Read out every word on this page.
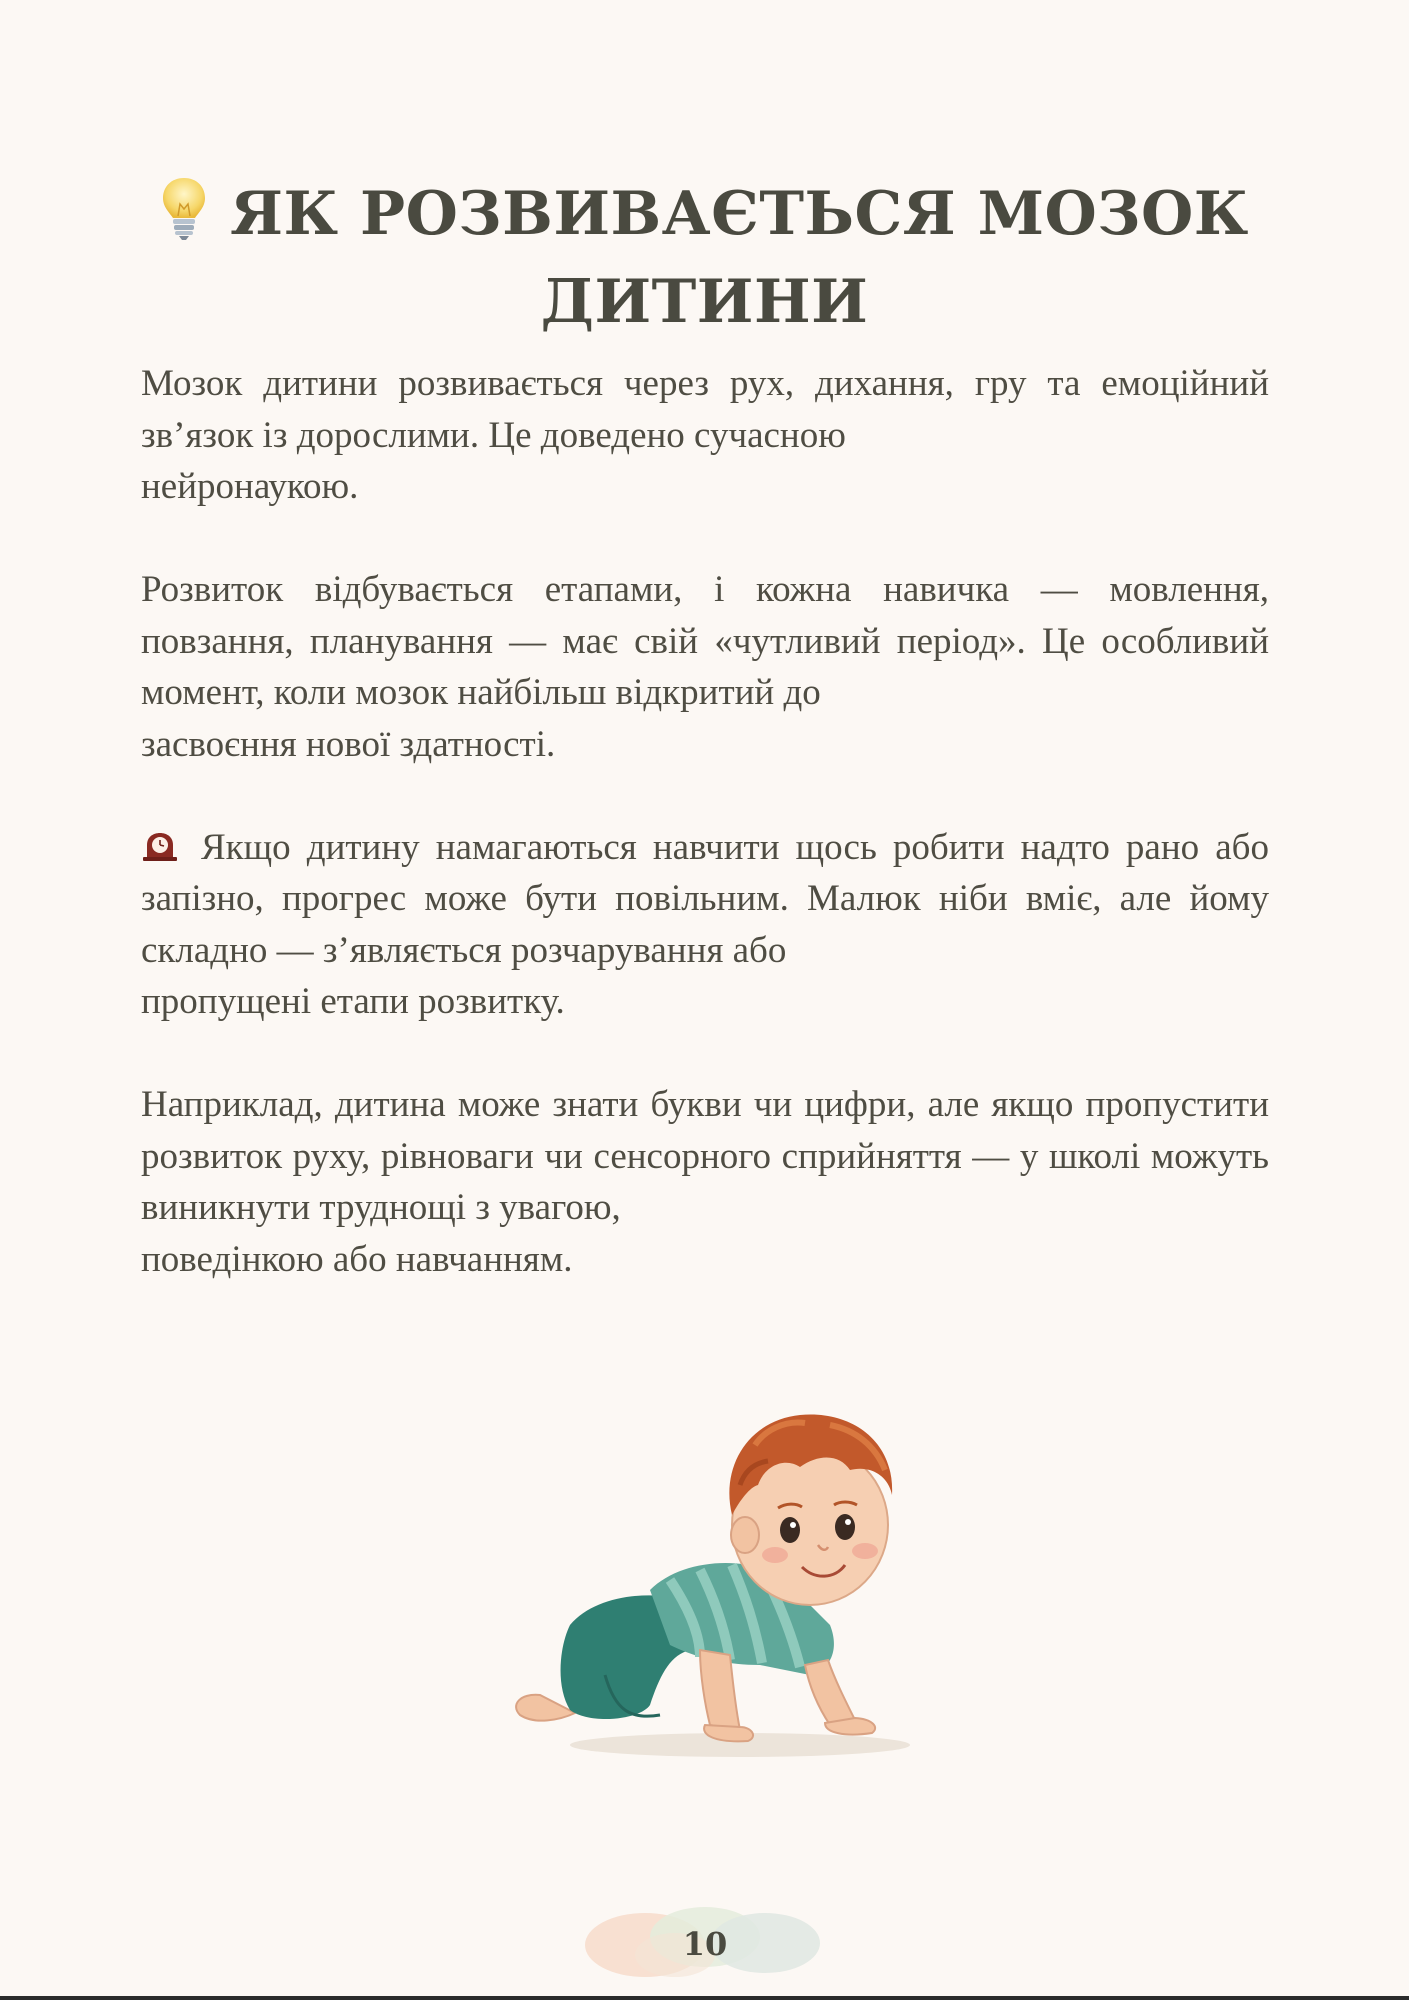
ЯК РОЗВИВАЄТЬСЯ МОЗОК
ДИТИНИ

Мозок дитини розвивається через рух, дихання, гру та емоційний зв’язок із дорослими. Це доведено сучасною
нейронаукою.

Розвиток відбувається етапами, і кожна навичка — мовлення, повзання, планування — має свій «чутливий період». Це особливий момент, коли мозок найбільш відкритий до
засвоєння нової здатності.

Якщо дитину намагаються навчити щось робити надто рано або запізно, прогрес може бути повільним. Малюк ніби вміє, але йому складно — з’являється розчарування або
пропущені етапи розвитку.

Наприклад, дитина може знати букви чи цифри, але якщо пропустити розвиток руху, рівноваги чи сенсорного сприйняття — у школі можуть виникнути труднощі з увагою,
поведінкою або навчанням.

10
